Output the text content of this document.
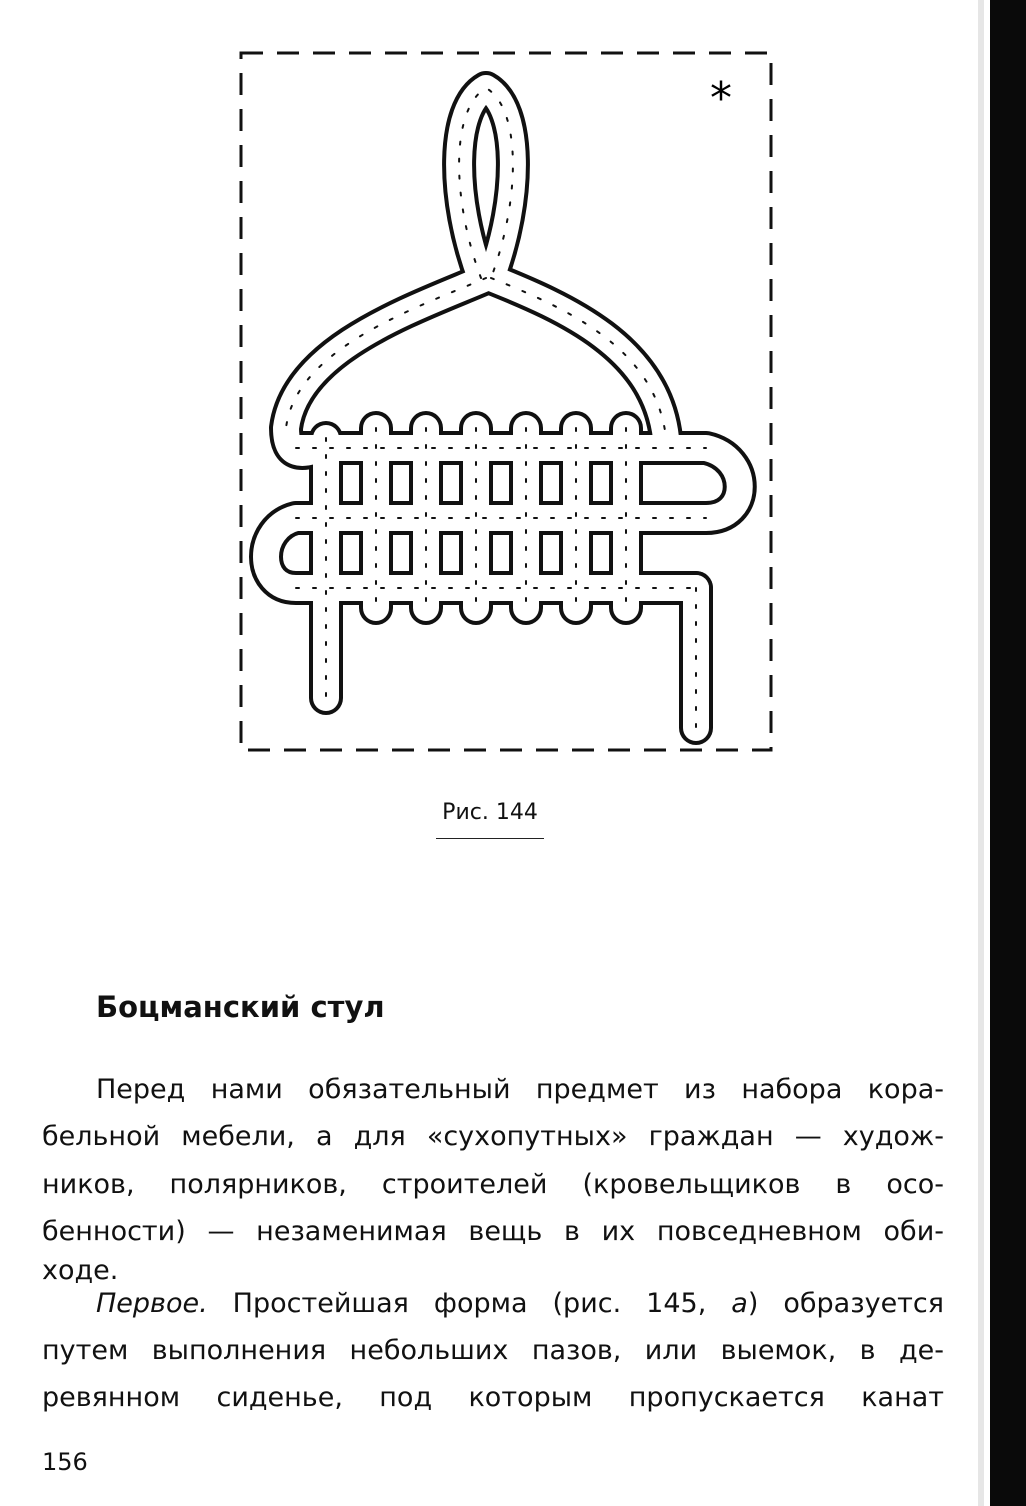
*
Рис. 144
Боцманский стул
Перед нами обязательный предмет из набора кора-
бельной мебели, а для «сухопутных» граждан — худож-
ников, полярников, строителей (кровельщиков в осо-
бенности) — незаменимая вещь в их повседневном оби-
ходе.
Первое. Простейшая форма (рис. 145, а) образуется
путем выполнения небольших пазов, или выемок, в де-
ревянном сиденье, под которым пропускается канат
156
